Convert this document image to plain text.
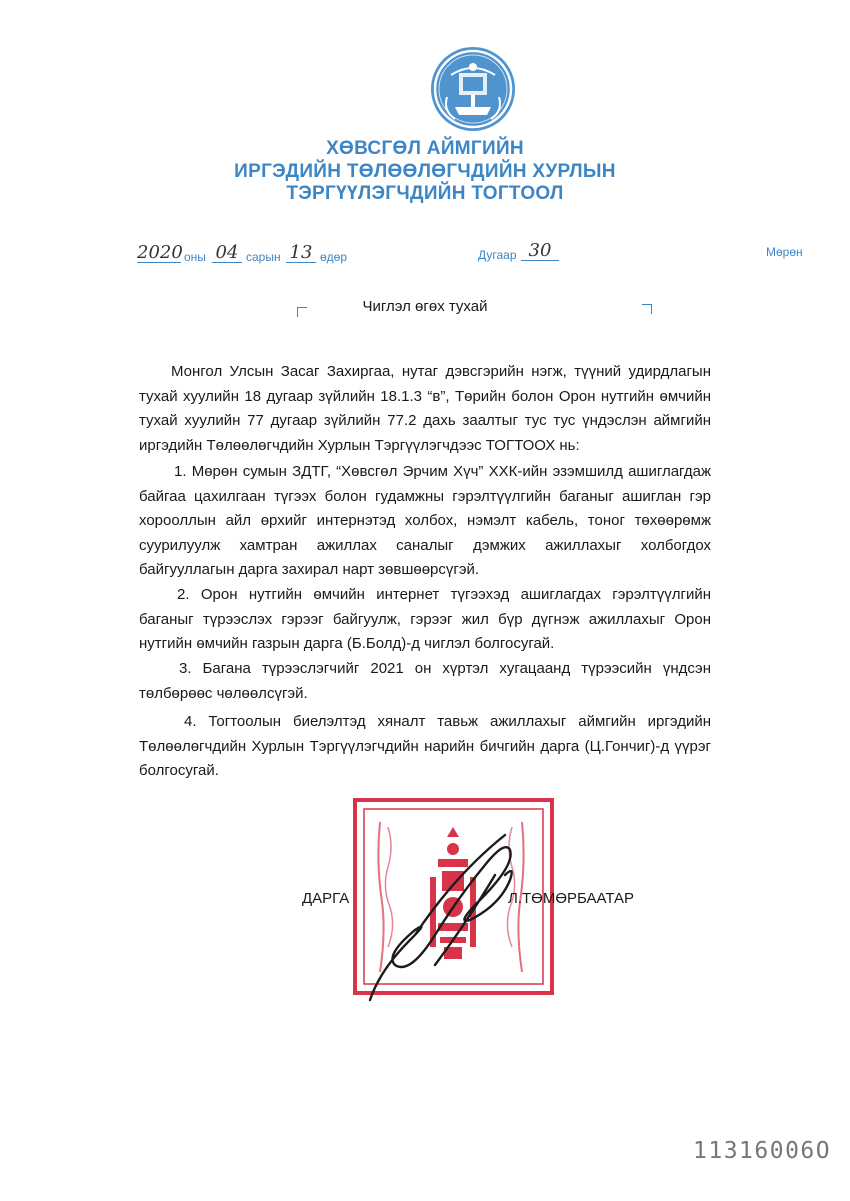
ХӨВСГӨЛ АЙМГИЙН
ИРГЭДИЙН ТӨЛӨӨЛӨГЧДИЙН ХУРЛЫН
ТЭРГҮҮЛЭГЧДИЙН ТОГТООЛ
2020 оны 04 сарын 13 өдөр	Дугаар 30	Мөрөн
Чиглэл өгөх тухай

Монгол Улсын Засаг Захиргаа, нутаг дэвсгэрийн нэгж, түүний удирдлагын тухай хуулийн 18 дугаар зүйлийн 18.1.3 “в”, Төрийн болон Орон нутгийн өмчийн тухай хуулийн 77 дугаар зүйлийн 77.2 дахь заалтыг тус тус үндэслэн аймгийн иргэдийн Төлөөлөгчдийн Хурлын Тэргүүлэгчдээс ТОГТООХ нь:

1. Мөрөн сумын ЗДТГ, “Хөвсгөл Эрчим Хүч” ХХК-ийн эзэмшилд ашиглагдаж байгаа цахилгаан түгээх болон гудамжны гэрэлтүүлгийн баганыг ашиглан гэр хорооллын айл өрхийг интернэтэд холбох, нэмэлт кабель, тоног төхөөрөмж суурилуулж хамтран ажиллах саналыг дэмжих ажиллахыг холбогдох байгууллагын дарга захирал нарт зөвшөөрсүгэй.

2. Орон нутгийн өмчийн интернет түгээхэд ашиглагдах гэрэлтүүлгийн баганыг түрээслэх гэрээг байгуулж, гэрээг жил бүр дүгнэж ажиллахыг Орон нутгийн өмчийн газрын дарга (Б.Болд)-д чиглэл болгосугай.

3. Багана түрээслэгчийг 2021 он хүртэл хугацаанд түрээсийн үндсэн төлбөрөөс чөлөөлсүгэй.

4. Тогтоолын биелэлтэд хяналт тавьж ажиллахыг аймгийн иргэдийн Төлөөлөгчдийн Хурлын Тэргүүлэгчдийн нарийн бичгийн дарга (Ц.Гончиг)-д үүрэг болгосугай.

ДАРГА	Л.ТӨМӨРБААТАР
11316006O
